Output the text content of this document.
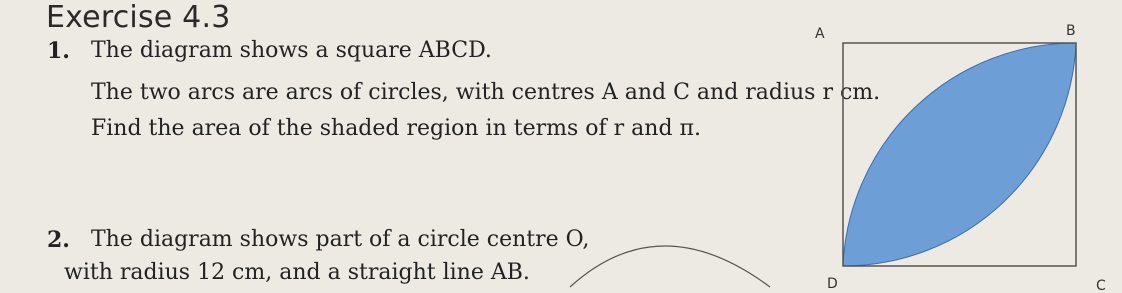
Exercise 4.3
1. The diagram shows a square ABCD.
The two arcs are arcs of circles, with centres A and C and radius r cm.
Find the area of the shaded region in terms of r and π.
2. The diagram shows part of a circle centre O,
with radius 12 cm, and a straight line AB.
A	B
C
D
